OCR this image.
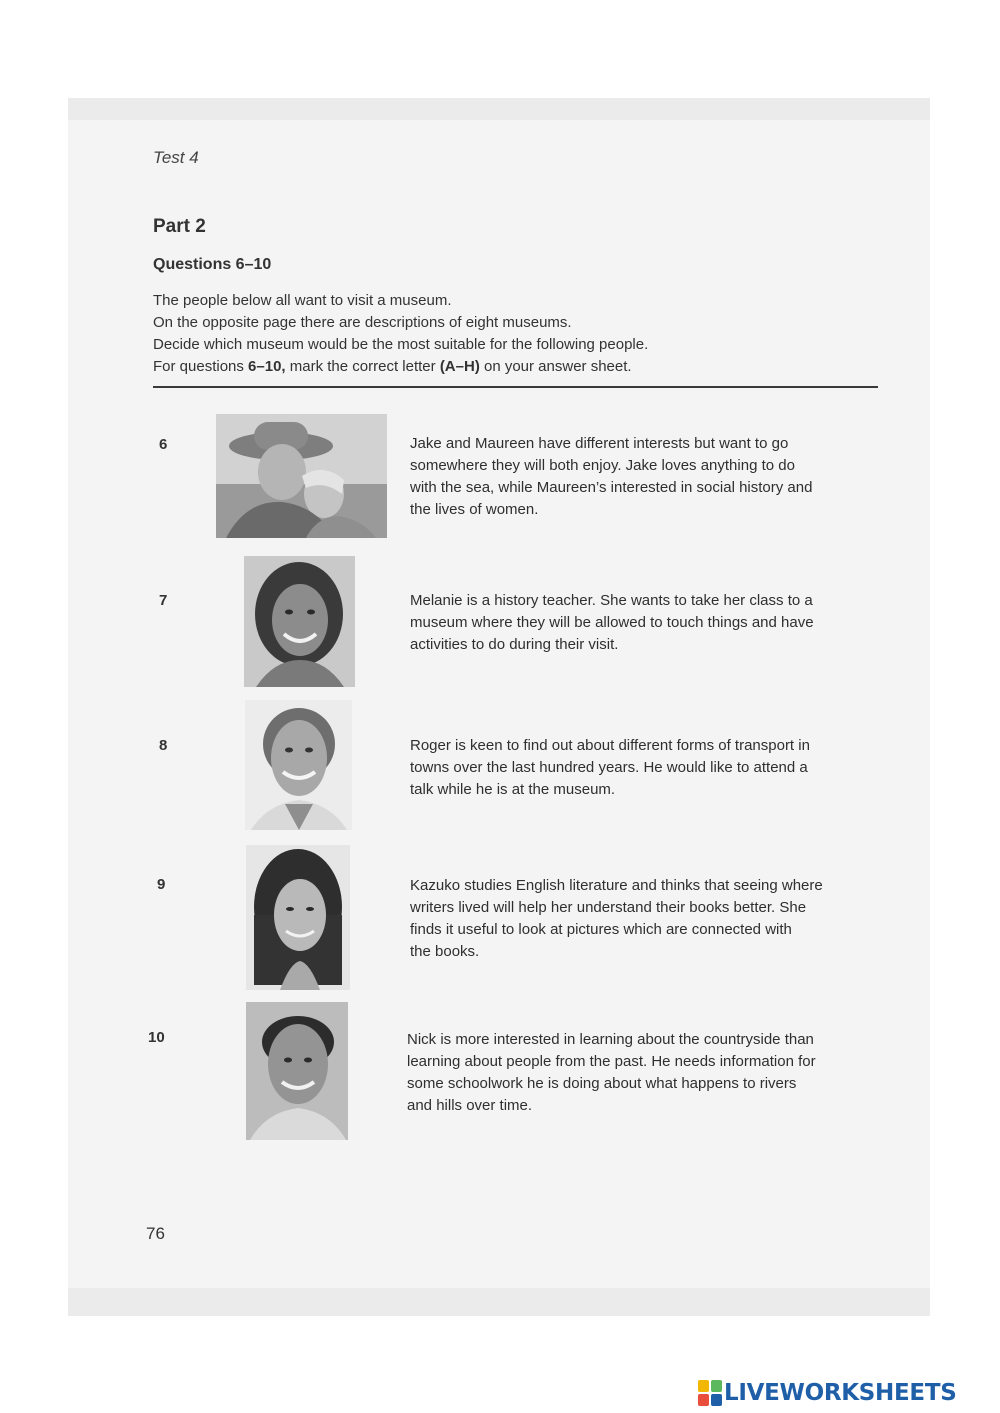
Test 4
Part 2
Questions 6–10
The people below all want to visit a museum.
On the opposite page there are descriptions of eight museums.
Decide which museum would be the most suitable for the following people.
For questions 6–10, mark the correct letter (A–H) on your answer sheet.
6	Jake and Maureen have different interests but want to go
somewhere they will both enjoy. Jake loves anything to do
with the sea, while Maureen’s interested in social history and
the lives of women.
7	Melanie is a history teacher. She wants to take her class to a
museum where they will be allowed to touch things and have
activities to do during their visit.
8	Roger is keen to find out about different forms of transport in
towns over the last hundred years. He would like to attend a
talk while he is at the museum.
9	Kazuko studies English literature and thinks that seeing where
writers lived will help her understand their books better. She
finds it useful to look at pictures which are connected with
the books.
10	Nick is more interested in learning about the countryside than
learning about people from the past. He needs information for
some schoolwork he is doing about what happens to rivers
and hills over time.
76
LIVEWORKSHEETS
